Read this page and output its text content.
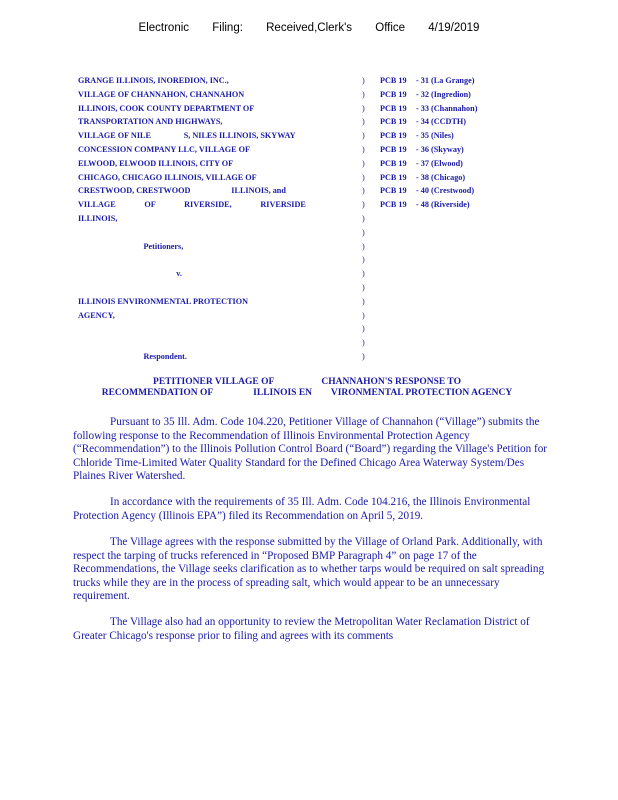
Electronic Filing: Received,Clerk's Office 4/19/2019
GRANGE ILLINOIS, INOREDION, INC.,
VILLAGE OF CHANNAHON, CHANNAHON
ILLINOIS, COOK COUNTY DEPARTMENT OF
TRANSPORTATION AND HIGHWAYS,
VILLAGE OF NILE                S, NILES ILLINOIS, SKYWAY
CONCESSION COMPANY LLC, VILLAGE OF
ELWOOD, ELWOOD ILLINOIS, CITY OF
CHICAGO, CHICAGO ILLINOIS, VILLAGE OF
CRESTWOOD, CRESTWOOD                    ILLINOIS, and
VILLAGE              OF              RIVERSIDE,              RIVERSIDE
ILLINOIS,
Petitioners,
v.
ILLINOIS ENVIRONMENTAL PROTECTION
AGENCY,
Respondent.
)
)
)
)
)
)
)
)
)
)
)
)
)
)
)
)
)
)
)
)
)
PCB 19 - 31 (La Grange)
PCB 19 - 32 (Ingredion)
PCB 19 - 33 (Channahon)
PCB 19 - 34 (CCDTH)
PCB 19 - 35 (Niles)
PCB 19 - 36 (Skyway)
PCB 19 - 37 (Elwood)
PCB 19 - 38 (Chicago)
PCB 19 - 40 (Crestwood)
PCB 19 - 48 (Riverside)
PETITIONER VILLAGE OF                    CHANNAHON'S RESPONSE TO
RECOMMENDATION OF                 ILLINOIS EN        VIRONMENTAL PROTECTION AGENCY
Pursuant to 35 Ill. Adm. Code 104.220, Petitioner Village of Channahon (“Village”) submits the following response to the Recommendation of Illinois Environmental Protection Agency (“Recommendation”) to the Illinois Pollution Control Board (“Board”) regarding the Village's Petition for Chloride Time-Limited Water Quality Standard for the Defined Chicago Area Waterway System/Des Plaines River Watershed.
In accordance with the requirements of 35 Ill. Adm. Code 104.216, the Illinois Environmental Protection Agency (Illinois EPA”) filed its Recommendation on April 5, 2019.
The Village agrees with the response submitted by the Village of Orland Park. Additionally, with respect the tarping of trucks referenced in “Proposed BMP Paragraph 4” on page 17 of the Recommendations, the Village seeks clarification as to whether tarps would be required on salt spreading trucks while they are in the process of spreading salt, which would appear to be an unnecessary requirement.
The Village also had an opportunity to review the Metropolitan Water Reclamation District of Greater Chicago's response prior to filing and agrees with its comments
